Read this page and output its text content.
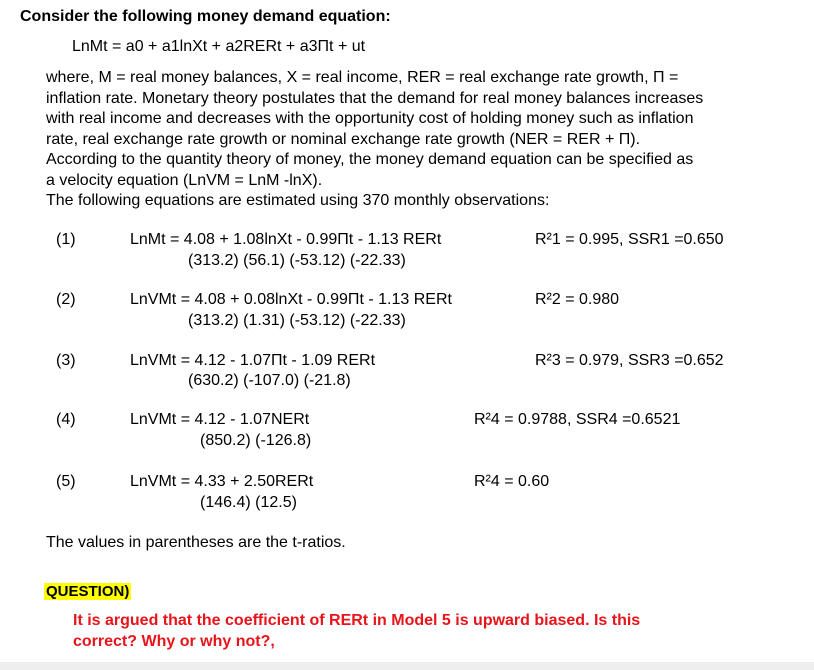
Consider the following money demand equation:
LnMt = a0 + a1lnXt + a2RERt + a3Πt + ut
where, M = real money balances, X = real income, RER = real exchange rate growth, Π =
inflation rate. Monetary theory postulates that the demand for real money balances increases
with real income and decreases with the opportunity cost of holding money such as inflation
rate, real exchange rate growth or nominal exchange rate growth (NER = RER + Π).
According to the quantity theory of money, the money demand equation can be specified as
a velocity equation (LnVM = LnM -lnX).
The following equations are estimated using 370 monthly observations:
(1)	LnMt = 4.08 + 1.08lnXt - 0.99Πt - 1.13 RERt
(313.2) (56.1) (-53.12) (-22.33)
R²1 = 0.995, SSR1 =0.650
(2)	LnVMt = 4.08 + 0.08lnXt - 0.99Πt - 1.13 RERt
(313.2) (1.31) (-53.12) (-22.33)
R²2 = 0.980
(3)	LnVMt = 4.12 - 1.07Πt - 1.09 RERt
(630.2) (-107.0) (-21.8)
R²3 = 0.979, SSR3 =0.652
(4)	LnVMt = 4.12 - 1.07NERt
(850.2) (-126.8)
R²4 = 0.9788, SSR4 =0.6521
(5)	LnVMt = 4.33 + 2.50RERt
(146.4) (12.5)
R²4 = 0.60
The values in parentheses are the t-ratios.
QUESTION)
It is argued that the coefficient of RERt in Model 5 is upward biased. Is this
correct? Why or why not?,
